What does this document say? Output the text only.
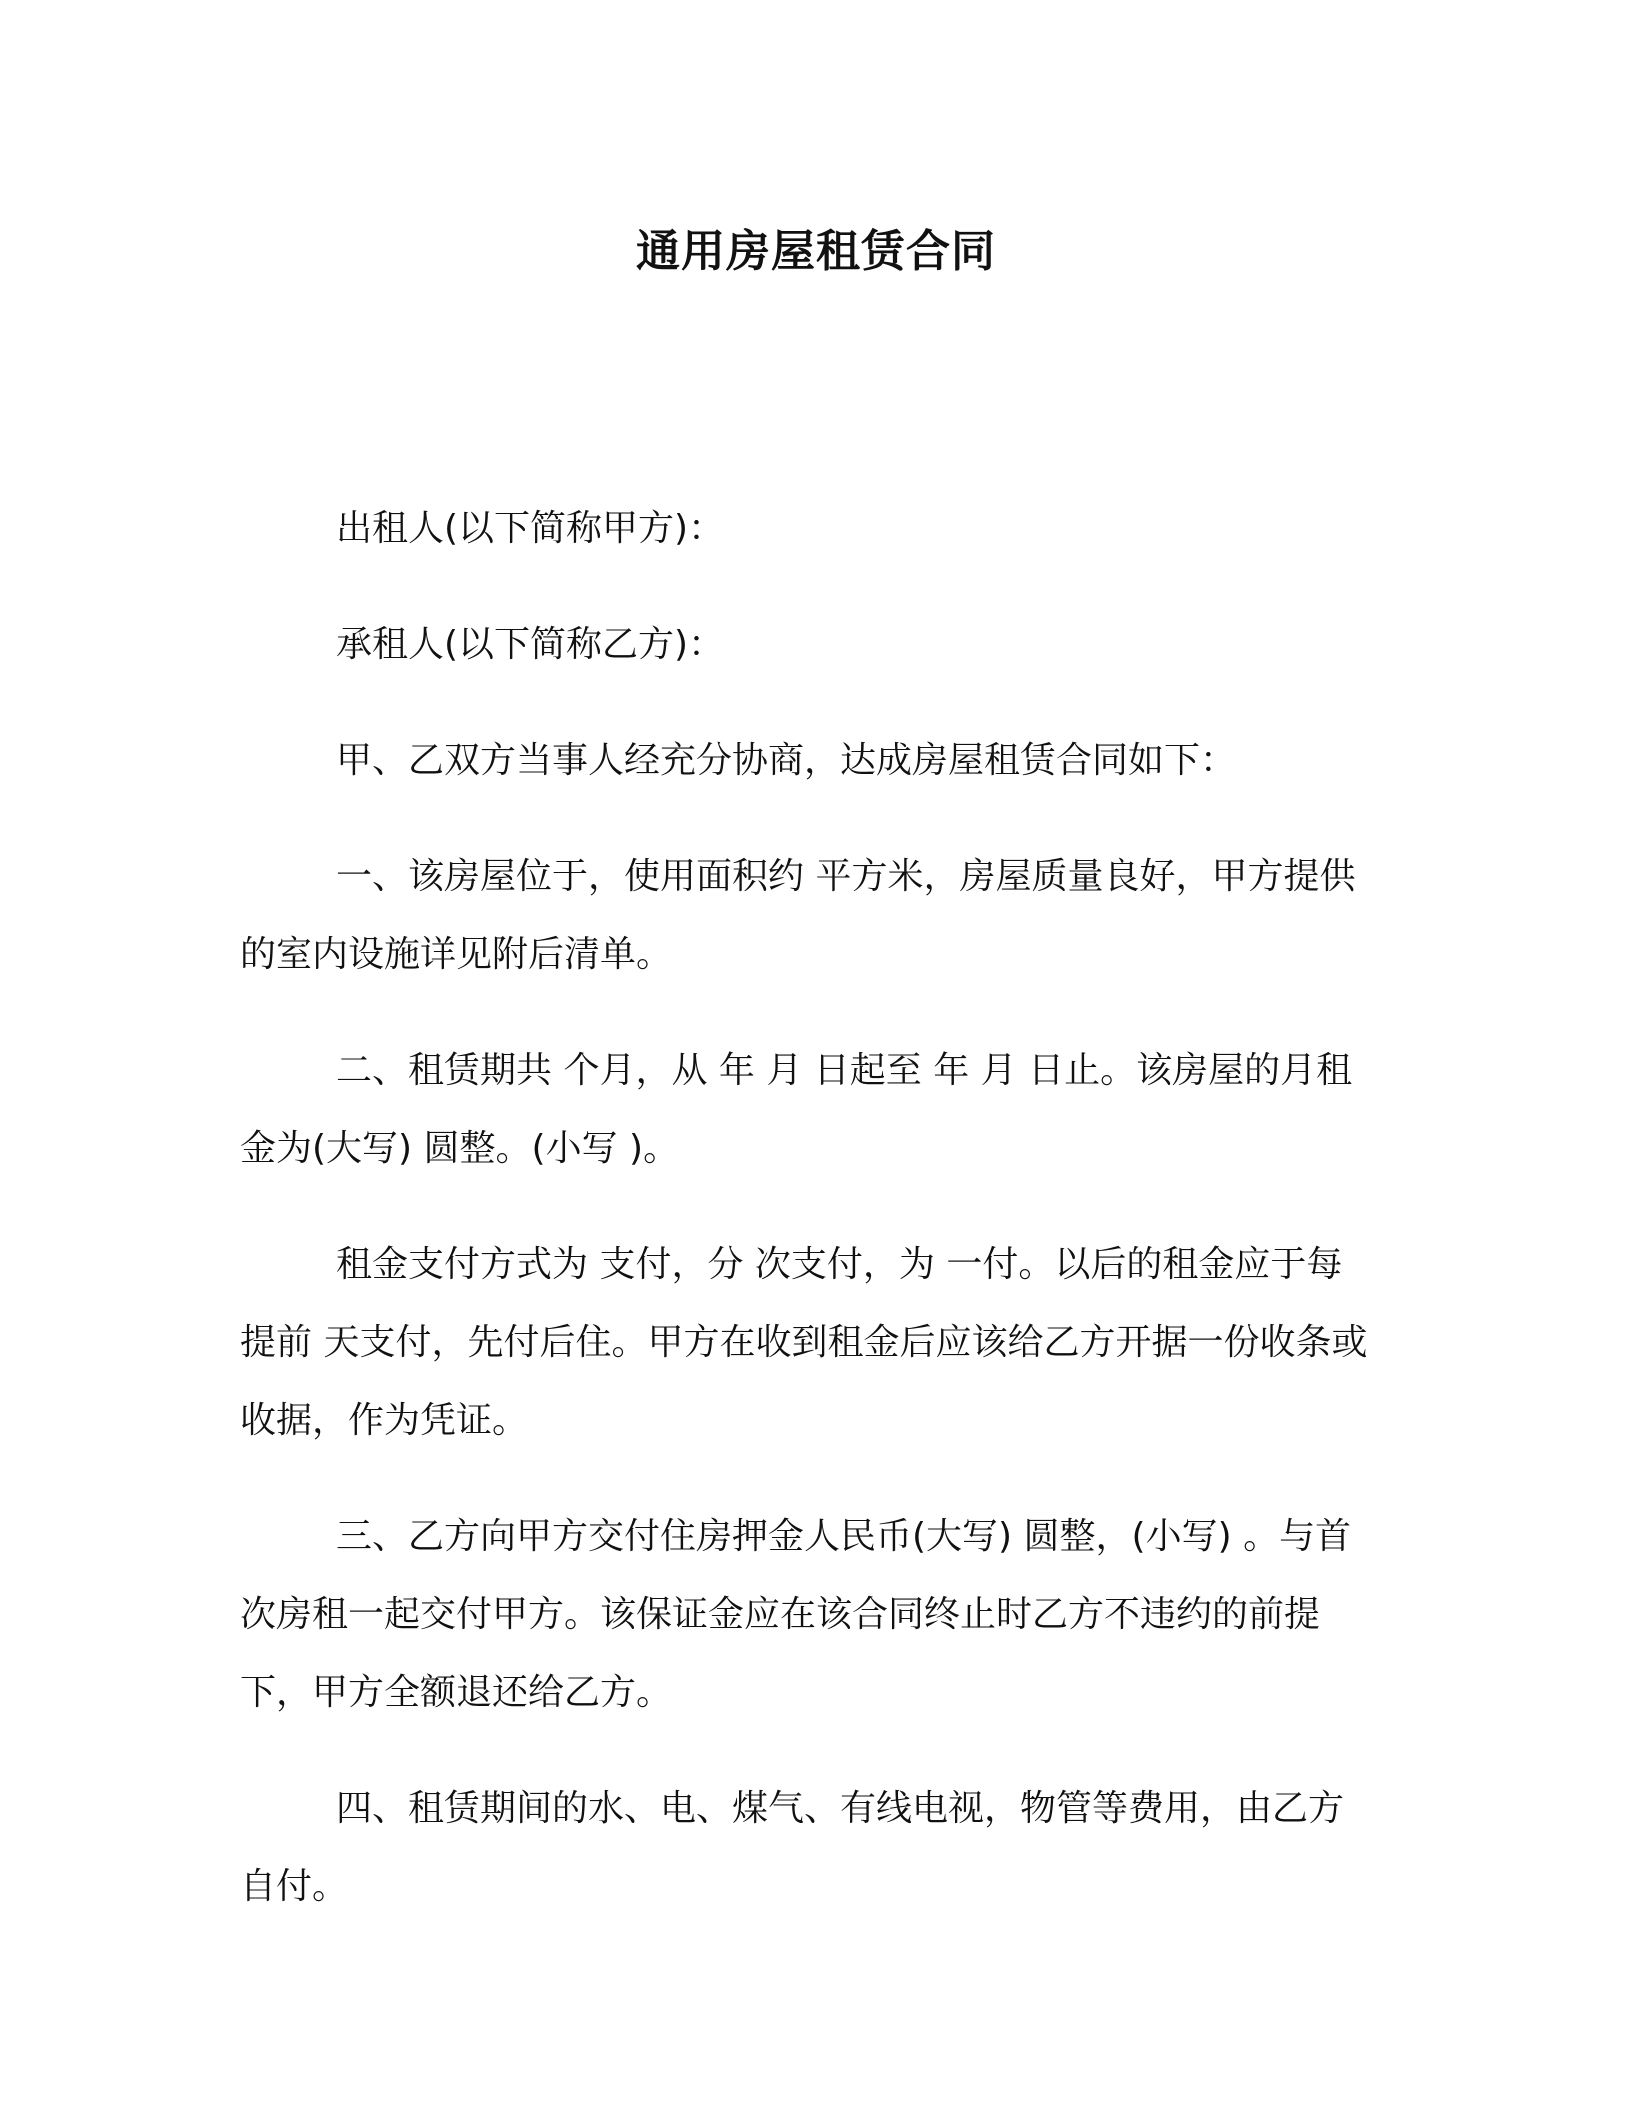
通用房屋租赁合同

出租人(以下简称甲方)：

承租人(以下简称乙方)：

甲、乙双方当事人经充分协商，达成房屋租赁合同如下：

一、该房屋位于，使用面积约 平方米，房屋质量良好，甲方提供的室内设施详见附后清单。

二、租赁期共 个月，从 年 月 日起至 年 月 日止。该房屋的月租金为(大写) 圆整。(小写 )。

租金支付方式为 支付，分 次支付，为 一付。以后的租金应于每提前 天支付，先付后住。甲方在收到租金后应该给乙方开据一份收条或收据，作为凭证。

三、乙方向甲方交付住房押金人民币(大写) 圆整，(小写) 。与首次房租一起交付甲方。该保证金应在该合同终止时乙方不违约的前提下，甲方全额退还给乙方。

四、租赁期间的水、电、煤气、有线电视，物管等费用，由乙方自付。
